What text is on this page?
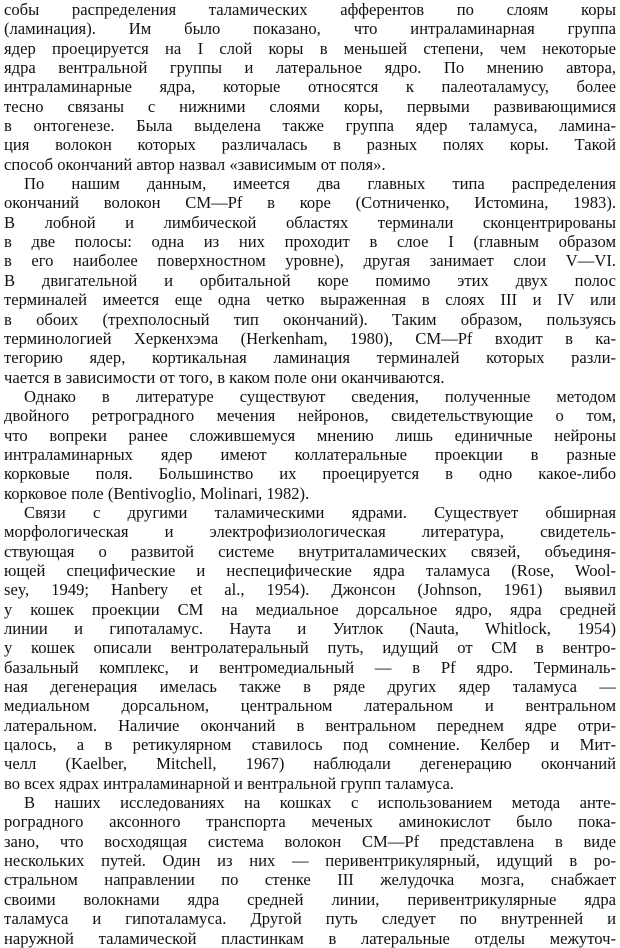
собы распределения таламических афферентов по слоям коры
(ламинация). Им было показано, что интраламинарная группа
ядер проецируется на I слой коры в меньшей степени, чем некоторые
ядра вентральной группы и латеральное ядро. По мнению автора,
интраламинарные ядра, которые относятся к палеоталамусу, более
тесно связаны с нижними слоями коры, первыми развивающимися
в онтогенезе. Была выделена также группа ядер таламуса, ламина-
ция волокон которых различалась в разных полях коры. Такой
способ окончаний автор назвал «зависимым от поля».
По нашим данным, имеется два главных типа распределения
окончаний волокон CM—Pf в коре (Сотниченко, Истомина, 1983).
В лобной и лимбической областях терминали сконцентрированы
в две полосы: одна из них проходит в слое I (главным образом
в его наиболее поверхностном уровне), другая занимает слои V—VI.
В двигательной и орбитальной коре помимо этих двух полос
терминалей имеется еще одна четко выраженная в слоях III и IV или
в обоих (трехполосный тип окончаний). Таким образом, пользуясь
терминологией Херкенхэма (Herkenham, 1980), CM—Pf входит в ка-
тегорию ядер, кортикальная ламинация терминалей которых разли-
чается в зависимости от того, в каком поле они оканчиваются.
Однако в литературе существуют сведения, полученные методом
двойного ретроградного мечения нейронов, свидетельствующие о том,
что вопреки ранее сложившемуся мнению лишь единичные нейроны
интраламинарных ядер имеют коллатеральные проекции в разные
корковые поля. Большинство их проецируется в одно какое-либо
корковое поле (Bentivoglio, Molinari, 1982).
Связи с другими таламическими ядрами. Существует обширная
морфологическая и электрофизиологическая литература, свидетель-
ствующая о развитой системе внутриталамических связей, объединя-
ющей специфические и неспецифические ядра таламуса (Rose, Wool-
sey, 1949; Hanbery et al., 1954). Джонсон (Johnson, 1961) выявил
у кошек проекции CM на медиальное дорсальное ядро, ядра средней
линии и гипоталамус. Наута и Уитлок (Nauta, Whitlock, 1954)
у кошек описали вентролатеральный путь, идущий от CM в вентро-
базальный комплекс, и вентромедиальный — в Pf ядро. Терминаль-
ная дегенерация имелась также в ряде других ядер таламуса —
медиальном дорсальном, центральном латеральном и вентральном
латеральном. Наличие окончаний в вентральном переднем ядре отри-
цалось, а в ретикулярном ставилось под сомнение. Келбер и Мит-
челл (Kaelber, Mitchell, 1967) наблюдали дегенерацию окончаний
во всех ядрах интраламинарной и вентральной групп таламуса.
В наших исследованиях на кошках с использованием метода анте-
роградного аксонного транспорта меченых аминокислот было пока-
зано, что восходящая система волокон CM—Pf представлена в виде
нескольких путей. Один из них — перивентрикулярный, идущий в ро-
стральном направлении по стенке III желудочка мозга, снабжает
своими волокнами ядра средней линии, перивентрикулярные ядра
таламуса и гипоталамуса. Другой путь следует по внутренней и
наружной таламической пластинкам в латеральные отделы межуточ-
